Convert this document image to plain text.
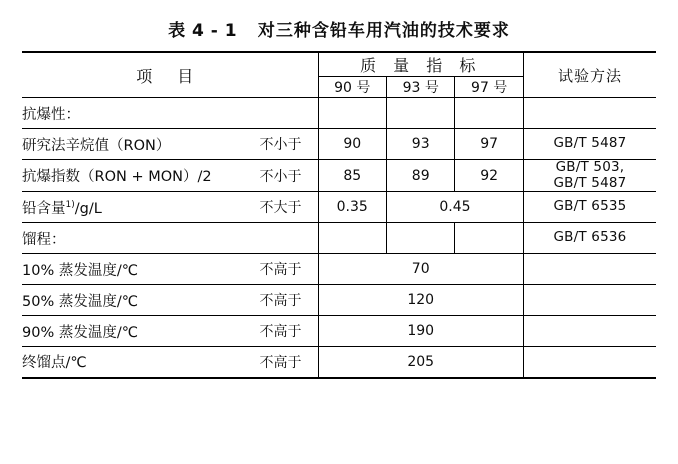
表 4 - 1 对三种含铅车用汽油的技术要求
项 目	质 量 指 标			试验方法
	90 号	93 号	97 号	
抗爆性：				
研究法辛烷值（RON） 不小于	90	93	97	GB/T 5487
抗爆指数（RON + MON）/2 不小于	85	89	92	GB/T 503,
GB/T 5487

铅含量$^{1)}$/g/L 不大于	0.35	0.45		GB/T 6535
馏程：				GB/T 6536
10% 蒸发温度/℃ 不高于	70			
50% 蒸发温度/℃ 不高于	120			
90% 蒸发温度/℃ 不高于	190			
终馏点/℃ 不高于	205			
